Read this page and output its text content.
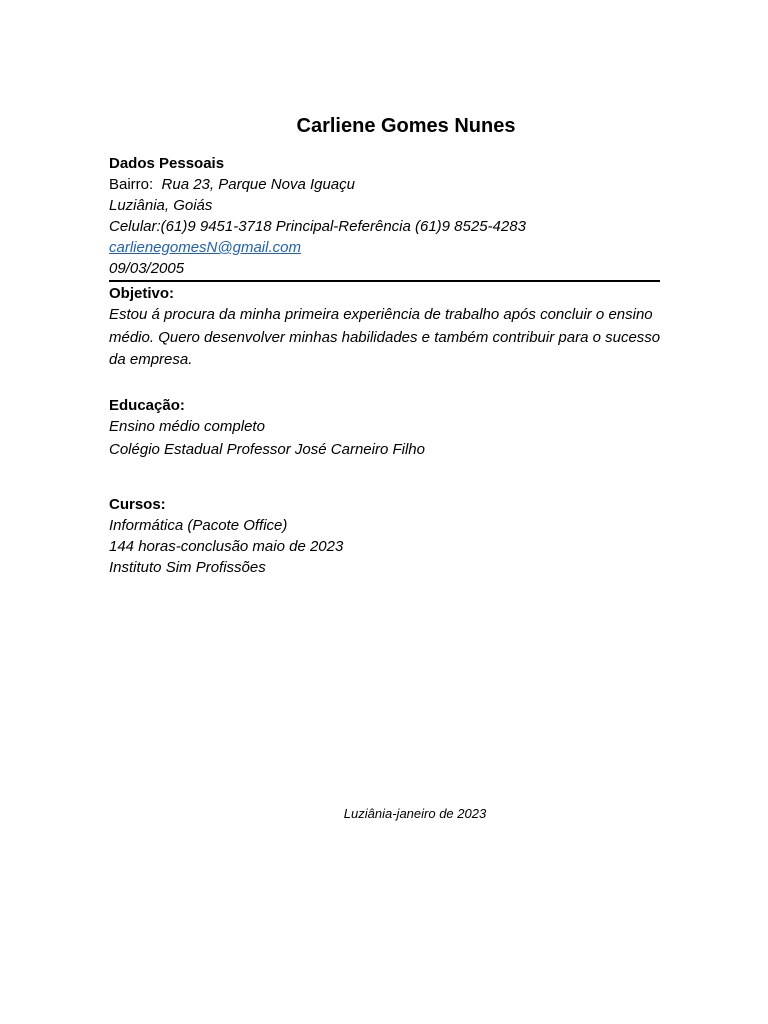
Carliene Gomes Nunes
Dados Pessoais
Bairro: Rua 23, Parque Nova Iguaçu
Luziânia, Goiás
Celular:(61)9 9451-3718 Principal-Referência (61)9 8525-4283
carlienegomesN@gmail.com
09/03/2005
Objetivo:
Estou á procura da minha primeira experiência de trabalho após concluir o ensino médio. Quero desenvolver minhas habilidades e também contribuir para o sucesso da empresa.
Educação:
Ensino médio completo
Colégio Estadual Professor José Carneiro Filho
Cursos:
Informática (Pacote Office)
144 horas-conclusão maio de 2023
Instituto Sim Profissões
Luziânia-janeiro de 2023
